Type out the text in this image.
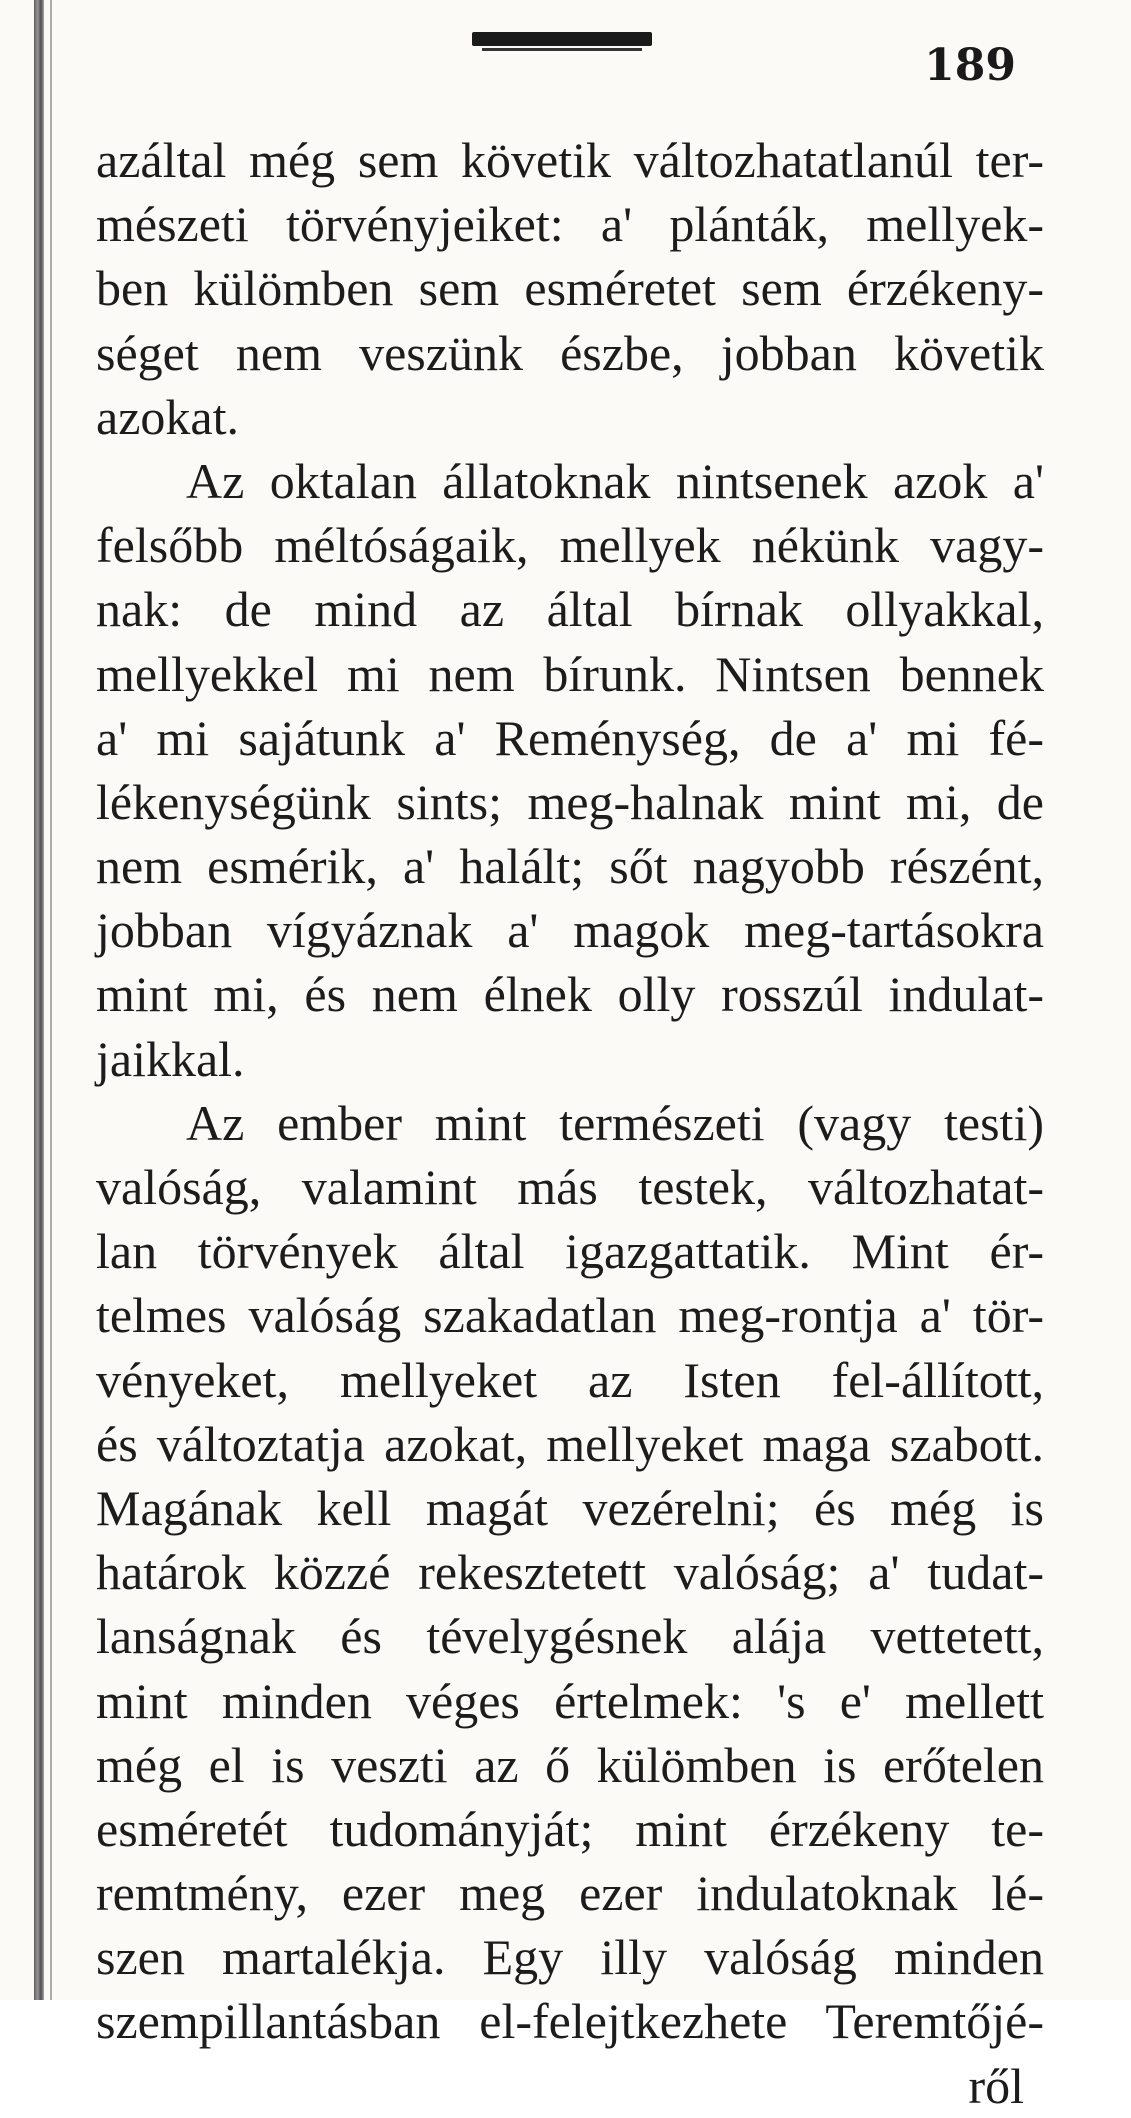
189
azáltal még sem követik változhatatlanúl ter-
mészeti törvényjeiket: a' plánták, mellyek-
ben külömben sem esméretet sem érzékeny-
séget nem veszünk észbe, jobban követik
azokat.
Az oktalan állatoknak nintsenek azok a'
felsőbb méltóságaik, mellyek nékünk vagy-
nak: de mind az által bírnak ollyakkal,
mellyekkel mi nem bírunk. Nintsen bennek
a' mi sajátunk a' Reménység, de a' mi fé-
lékenységünk sints; meg-halnak mint mi, de
nem esmérik, a' halált; sőt nagyobb részént,
jobban vígyáznak a' magok meg-tartásokra
mint mi, és nem élnek olly rosszúl indulat-
jaikkal.
Az ember mint természeti (vagy testi)
valóság, valamint más testek, változhatat-
lan törvények által igazgattatik. Mint ér-
telmes valóság szakadatlan meg-rontja a' tör-
vényeket, mellyeket az Isten fel-állított,
és változtatja azokat, mellyeket maga szabott.
Magának kell magát vezérelni; és még is
határok közzé rekesztetett valóság; a' tudat-
lanságnak és tévelygésnek alája vettetett,
mint minden véges értelmek: 's e' mellett
még el is veszti az ő külömben is erőtelen
esméretét tudományját; mint érzékeny te-
remtmény, ezer meg ezer indulatoknak lé-
szen martalékja. Egy illy valóság minden
szempillantásban el-felejtkezhete Teremtőjé-
ről
